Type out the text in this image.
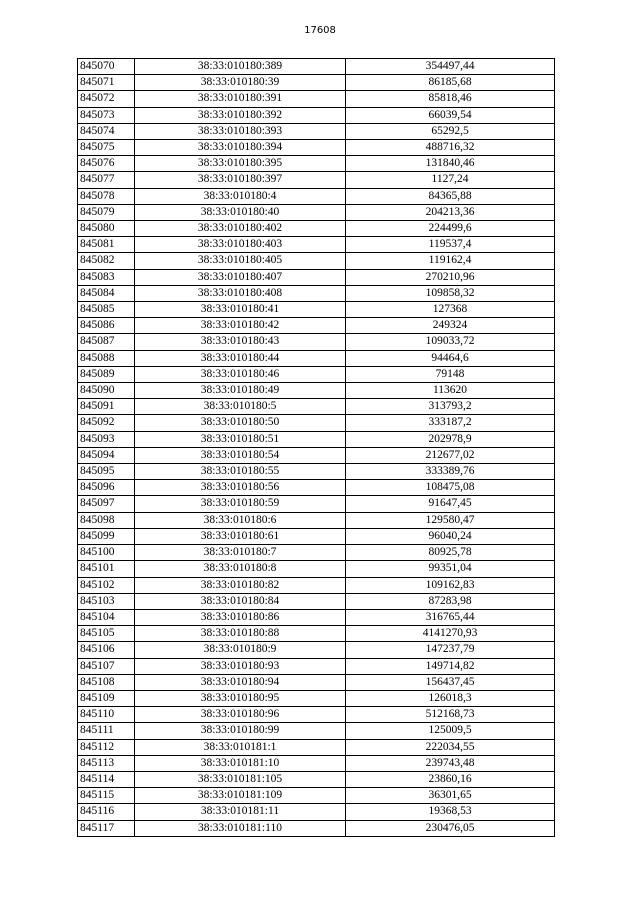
17608
845070	38:33:010180:389	354497,44
845071	38:33:010180:39	86185,68
845072	38:33:010180:391	85818,46
845073	38:33:010180:392	66039,54
845074	38:33:010180:393	65292,5
845075	38:33:010180:394	488716,32
845076	38:33:010180:395	131840,46
845077	38:33:010180:397	1127,24
845078	38:33:010180:4	84365,88
845079	38:33:010180:40	204213,36
845080	38:33:010180:402	224499,6
845081	38:33:010180:403	119537,4
845082	38:33:010180:405	119162,4
845083	38:33:010180:407	270210,96
845084	38:33:010180:408	109858,32
845085	38:33:010180:41	127368
845086	38:33:010180:42	249324
845087	38:33:010180:43	109033,72
845088	38:33:010180:44	94464,6
845089	38:33:010180:46	79148
845090	38:33:010180:49	113620
845091	38:33:010180:5	313793,2
845092	38:33:010180:50	333187,2
845093	38:33:010180:51	202978,9
845094	38:33:010180:54	212677,02
845095	38:33:010180:55	333389,76
845096	38:33:010180:56	108475,08
845097	38:33:010180:59	91647,45
845098	38:33:010180:6	129580,47
845099	38:33:010180:61	96040,24
845100	38:33:010180:7	80925,78
845101	38:33:010180:8	99351,04
845102	38:33:010180:82	109162,83
845103	38:33:010180:84	87283,98
845104	38:33:010180:86	316765,44
845105	38:33:010180:88	4141270,93
845106	38:33:010180:9	147237,79
845107	38:33:010180:93	149714,82
845108	38:33:010180:94	156437,45
845109	38:33:010180:95	126018,3
845110	38:33:010180:96	512168,73
845111	38:33:010180:99	125009,5
845112	38:33:010181:1	222034,55
845113	38:33:010181:10	239743,48
845114	38:33:010181:105	23860,16
845115	38:33:010181:109	36301,65
845116	38:33:010181:11	19368,53
845117	38:33:010181:110	230476,05
